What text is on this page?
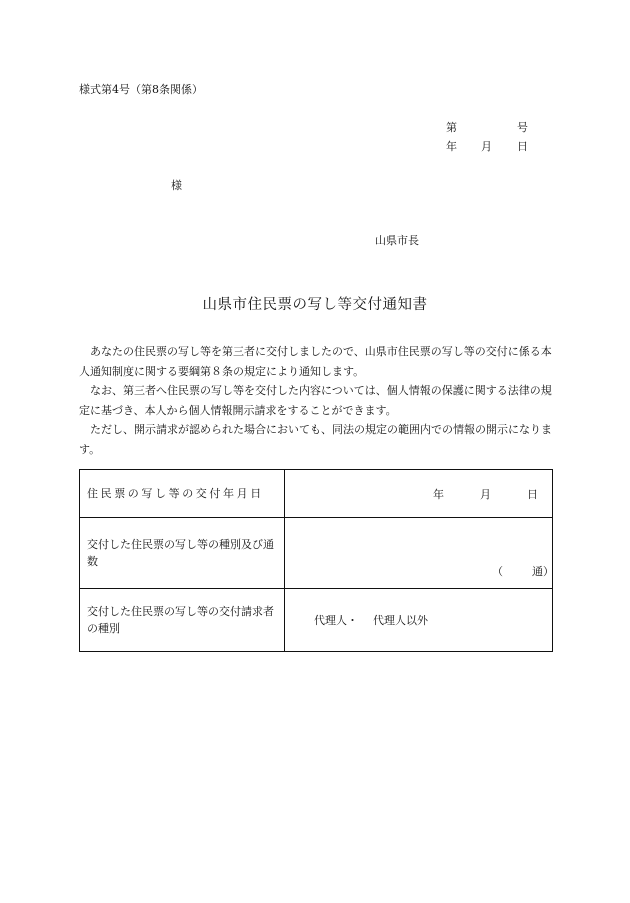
様式第4号（第8条関係）
第	号
年 月 日
様
山県市長
山県市住民票の写し等交付通知書

あなたの住民票の写し等を第三者に交付しましたので、山県市住民票の写し等の交付に係る本人通知制度に関する要綱第８条の規定により通知します。

なお、第三者へ住民票の写し等を交付した内容については、個人情報の保護に関する法律の規定に基づき、本人から個人情報開示請求をすることができます。

ただし、開示請求が認められた場合においても、同法の規定の範囲内での情報の開示になります。

住民票の写し等の交付年月日	年 月 日

交付した住民票の写し等の種別及び通数	（ 通）

交付した住民票の写し等の交付請求者の種別	代理人・ 代理人以外
